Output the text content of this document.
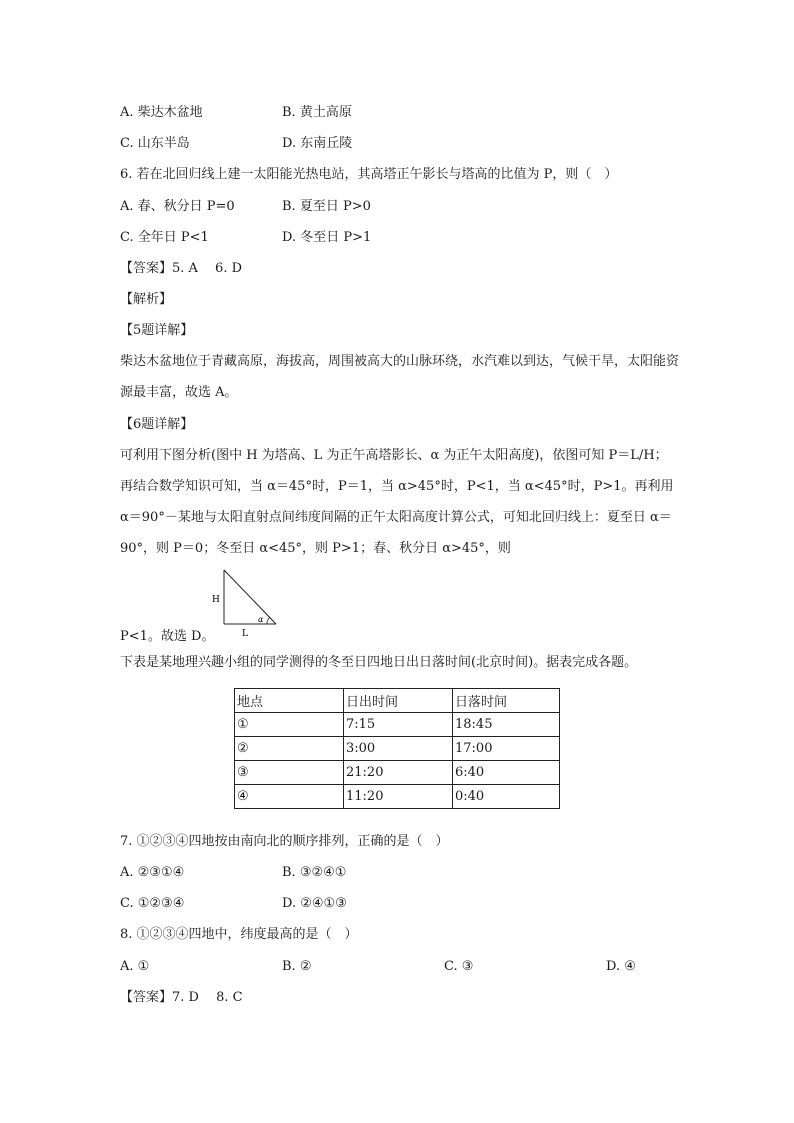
A. 柴达木盆地	B. 黄土高原
C. 山东半岛	D. 东南丘陵
6. 若在北回归线上建一太阳能光热电站，其高塔正午影长与塔高的比值为 P，则（　）
A. 春、秋分日 P=0	B. 夏至日 P>0
C. 全年日 P<1	D. 冬至日 P>1
【答案】5. A　 6. D
【解析】
【5题详解】
柴达木盆地位于青藏高原，海拔高，周围被高大的山脉环绕，水汽难以到达，气候干旱，太阳能资源最丰富，故选 A。
【6题详解】
可利用下图分析(图中 H 为塔高、L 为正午高塔影长、α 为正午太阳高度)，依图可知 P＝L/H；再结合数学知识可知，当 α＝45°时，P＝1，当 α>45°时，P<1，当 α<45°时，P>1。再利用 α＝90°－某地与太阳直射点间纬度间隔的正午太阳高度计算公式，可知北回归线上：夏至日 α＝90°，则 P＝0；冬至日 α<45°，则 P>1；春、秋分日 α>45°，则
H
L
α
P<1。故选 D。
下表是某地理兴趣小组的同学测得的冬至日四地日出日落时间(北京时间)。据表完成各题。
地点	日出时间	日落时间
①	7:15	18:45
②	3:00	17:00
③	21:20	6:40
④	11:20	0:40
7. ①②③④四地按由南向北的顺序排列，正确的是（　）
A. ②③①④	B. ③②④①
C. ①②③④	D. ②④①③
8. ①②③④四地中，纬度最高的是（　）
A. ①	B. ②	C. ③	D. ④
【答案】7. D　 8. C
